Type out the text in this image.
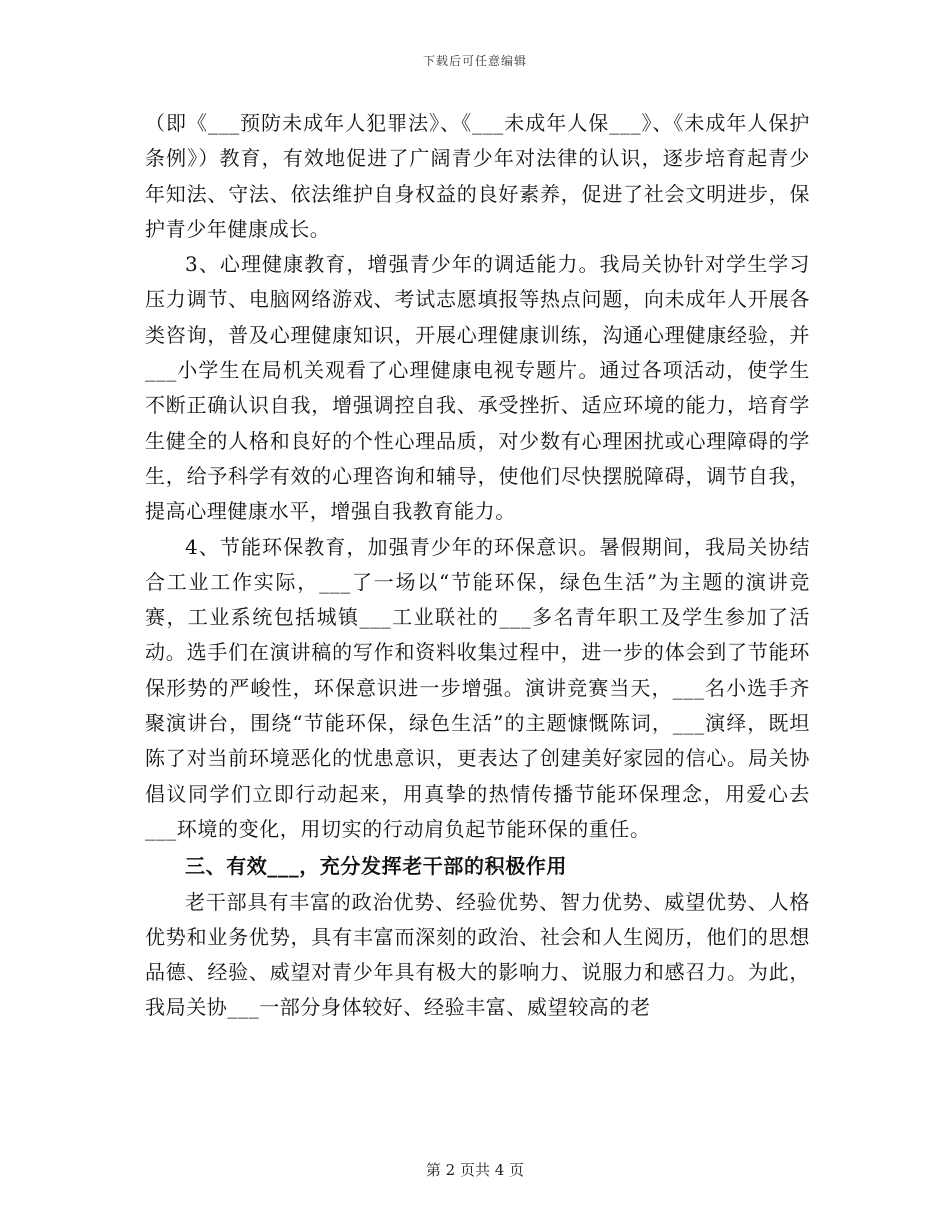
下载后可任意编辑

（即《___预防未成年人犯罪法》、《___未成年人保___》、《未成年人保护条例》）教育，有效地促进了广阔青少年对法律的认识，逐步培育起青少年知法、守法、依法维护自身权益的良好素养，促进了社会文明进步，保护青少年健康成长。

3、心理健康教育，增强青少年的调适能力。我局关协针对学生学习压力调节、电脑网络游戏、考试志愿填报等热点问题，向未成年人开展各类咨询，普及心理健康知识，开展心理健康训练，沟通心理健康经验，并___小学生在局机关观看了心理健康电视专题片。通过各项活动，使学生不断正确认识自我，增强调控自我、承受挫折、适应环境的能力，培育学生健全的人格和良好的个性心理品质，对少数有心理困扰或心理障碍的学生，给予科学有效的心理咨询和辅导，使他们尽快摆脱障碍，调节自我，提高心理健康水平，增强自我教育能力。

4、节能环保教育，加强青少年的环保意识。暑假期间，我局关协结合工业工作实际，___了一场以“节能环保，绿色生活”为主题的演讲竞赛，工业系统包括城镇___工业联社的___多名青年职工及学生参加了活动。选手们在演讲稿的写作和资料收集过程中，进一步的体会到了节能环保形势的严峻性，环保意识进一步增强。演讲竞赛当天，___名小选手齐聚演讲台，围绕“节能环保，绿色生活”的主题慷慨陈词，___演绎，既坦陈了对当前环境恶化的忧患意识，更表达了创建美好家园的信心。局关协倡议同学们立即行动起来，用真挚的热情传播节能环保理念，用爱心去___环境的变化，用切实的行动肩负起节能环保的重任。

三、有效___，充分发挥老干部的积极作用

老干部具有丰富的政治优势、经验优势、智力优势、威望优势、人格优势和业务优势，具有丰富而深刻的政治、社会和人生阅历，他们的思想品德、经验、威望对青少年具有极大的影响力、说服力和感召力。为此，我局关协___一部分身体较好、经验丰富、威望较高的老

第 2 页共 4 页
